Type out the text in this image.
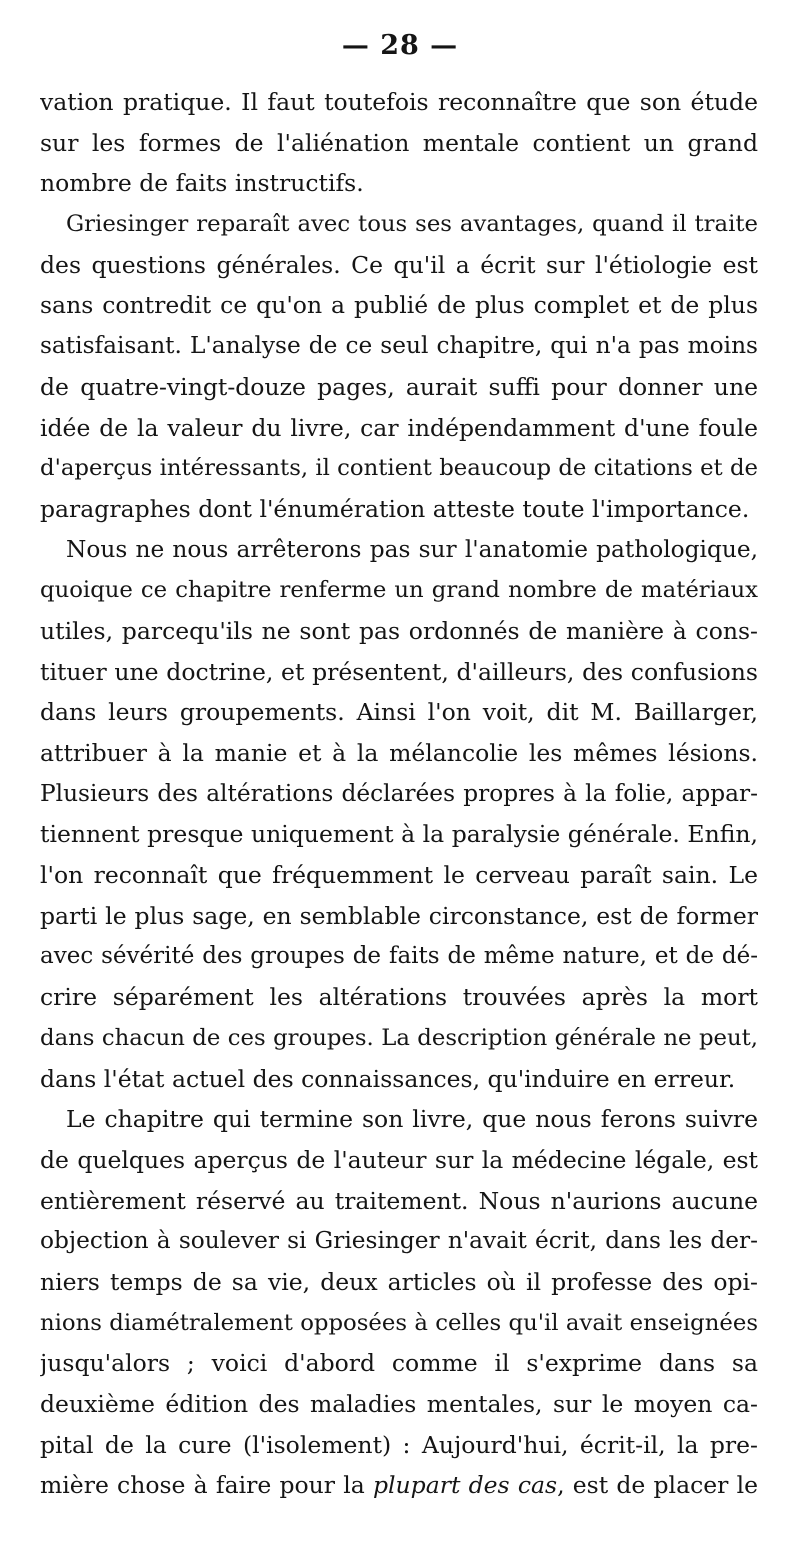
— 28 —
vation pratique. Il faut toutefois reconnaître que son étude
sur les formes de l'aliénation mentale contient un grand
nombre de faits instructifs.
Griesinger reparaît avec tous ses avantages, quand il traite
des questions générales. Ce qu'il a écrit sur l'étiologie est
sans contredit ce qu'on a publié de plus complet et de plus
satisfaisant. L'analyse de ce seul chapitre, qui n'a pas moins
de quatre-vingt-douze pages, aurait suffi pour donner une
idée de la valeur du livre, car indépendamment d'une foule
d'aperçus intéressants, il contient beaucoup de citations et de
paragraphes dont l'énumération atteste toute l'importance.
Nous ne nous arrêterons pas sur l'anatomie pathologique,
quoique ce chapitre renferme un grand nombre de matériaux
utiles, parcequ'ils ne sont pas ordonnés de manière à cons-
tituer une doctrine, et présentent, d'ailleurs, des confusions
dans leurs groupements. Ainsi l'on voit, dit M. Baillarger,
attribuer à la manie et à la mélancolie les mêmes lésions.
Plusieurs des altérations déclarées propres à la folie, appar-
tiennent presque uniquement à la paralysie générale. Enfin,
l'on reconnaît que fréquemment le cerveau paraît sain. Le
parti le plus sage, en semblable circonstance, est de former
avec sévérité des groupes de faits de même nature, et de dé-
crire séparément les altérations trouvées après la mort
dans chacun de ces groupes. La description générale ne peut,
dans l'état actuel des connaissances, qu'induire en erreur.
Le chapitre qui termine son livre, que nous ferons suivre
de quelques aperçus de l'auteur sur la médecine légale, est
entièrement réservé au traitement. Nous n'aurions aucune
objection à soulever si Griesinger n'avait écrit, dans les der-
niers temps de sa vie, deux articles où il professe des opi-
nions diamétralement opposées à celles qu'il avait enseignées
jusqu'alors ; voici d'abord comme il s'exprime dans sa
deuxième édition des maladies mentales, sur le moyen ca-
pital de la cure (l'isolement) : Aujourd'hui, écrit-il, la pre-
mière chose à faire pour la plupart des cas, est de placer le
